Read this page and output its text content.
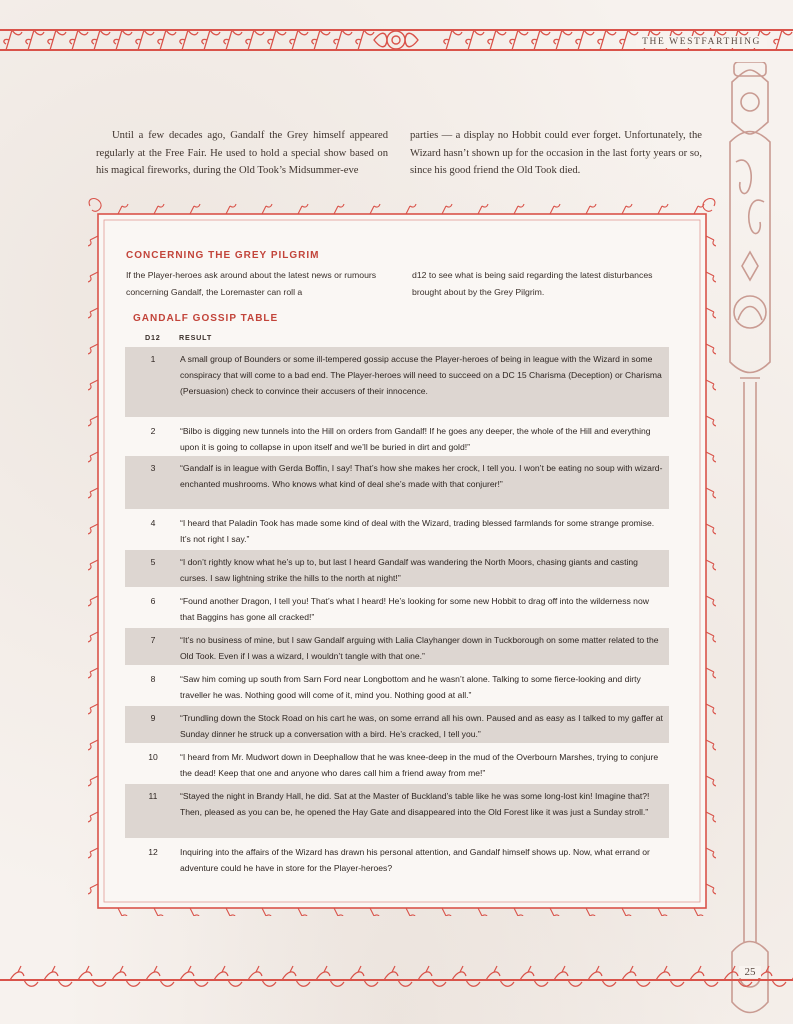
THE WESTFARTHING
Until a few decades ago, Gandalf the Grey himself appeared regularly at the Free Fair. He used to hold a special show based on his magical fireworks, during the Old Took’s Midsummer-eve
parties — a display no Hobbit could ever forget. Unfortunately, the Wizard hasn’t shown up for the occasion in the last forty years or so, since his good friend the Old Took died.
CONCERNING THE GREY PILGRIM
If the Player-heroes ask around about the latest news or rumours concerning Gandalf, the Loremaster can roll a
d12 to see what is being said regarding the latest disturbances brought about by the Grey Pilgrim.
GANDALF GOSSIP TABLE
D12	RESULT
1	A small group of Bounders or some ill-tempered gossip accuse the Player-heroes of being in league with the Wizard in some conspiracy that will come to a bad end. The Player-heroes will need to succeed on a DC 15 Charisma (Deception) or Charisma (Persuasion) check to convince their accusers of their innocence.
2	“Bilbo is digging new tunnels into the Hill on orders from Gandalf! If he goes any deeper, the whole of the Hill and everything upon it is going to collapse in upon itself and we’ll be buried in dirt and gold!”
3	“Gandalf is in league with Gerda Boffin, I say! That’s how she makes her crock, I tell you. I won’t be eating no soup with wizard-enchanted mushrooms. Who knows what kind of deal she’s made with that conjurer!”
4	“I heard that Paladin Took has made some kind of deal with the Wizard, trading blessed farmlands for some strange promise. It’s not right I say.”
5	“I don’t rightly know what he’s up to, but last I heard Gandalf was wandering the North Moors, chasing giants and casting curses. I saw lightning strike the hills to the north at night!”
6	“Found another Dragon, I tell you! That’s what I heard! He’s looking for some new Hobbit to drag off into the wilderness now that Baggins has gone all cracked!”
7	“It’s no business of mine, but I saw Gandalf arguing with Lalia Clayhanger down in Tuckborough on some matter related to the Old Took. Even if I was a wizard, I wouldn’t tangle with that one.”
8	“Saw him coming up south from Sarn Ford near Longbottom and he wasn’t alone. Talking to some fierce-looking and dirty traveller he was. Nothing good will come of it, mind you. Nothing good at all.”
9	“Trundling down the Stock Road on his cart he was, on some errand all his own. Paused and as easy as I talked to my gaffer at Sunday dinner he struck up a conversation with a bird. He’s cracked, I tell you.”
10	“I heard from Mr. Mudwort down in Deephallow that he was knee-deep in the mud of the Overbourn Marshes, trying to conjure the dead! Keep that one and anyone who dares call him a friend away from me!”
11	“Stayed the night in Brandy Hall, he did. Sat at the Master of Buckland’s table like he was some long-lost kin! Imagine that?! Then, pleased as you can be, he opened the Hay Gate and disappeared into the Old Forest like it was just a Sunday stroll.”
12	Inquiring into the affairs of the Wizard has drawn his personal attention, and Gandalf himself shows up. Now, what errand or adventure could he have in store for the Player-heroes?
25
